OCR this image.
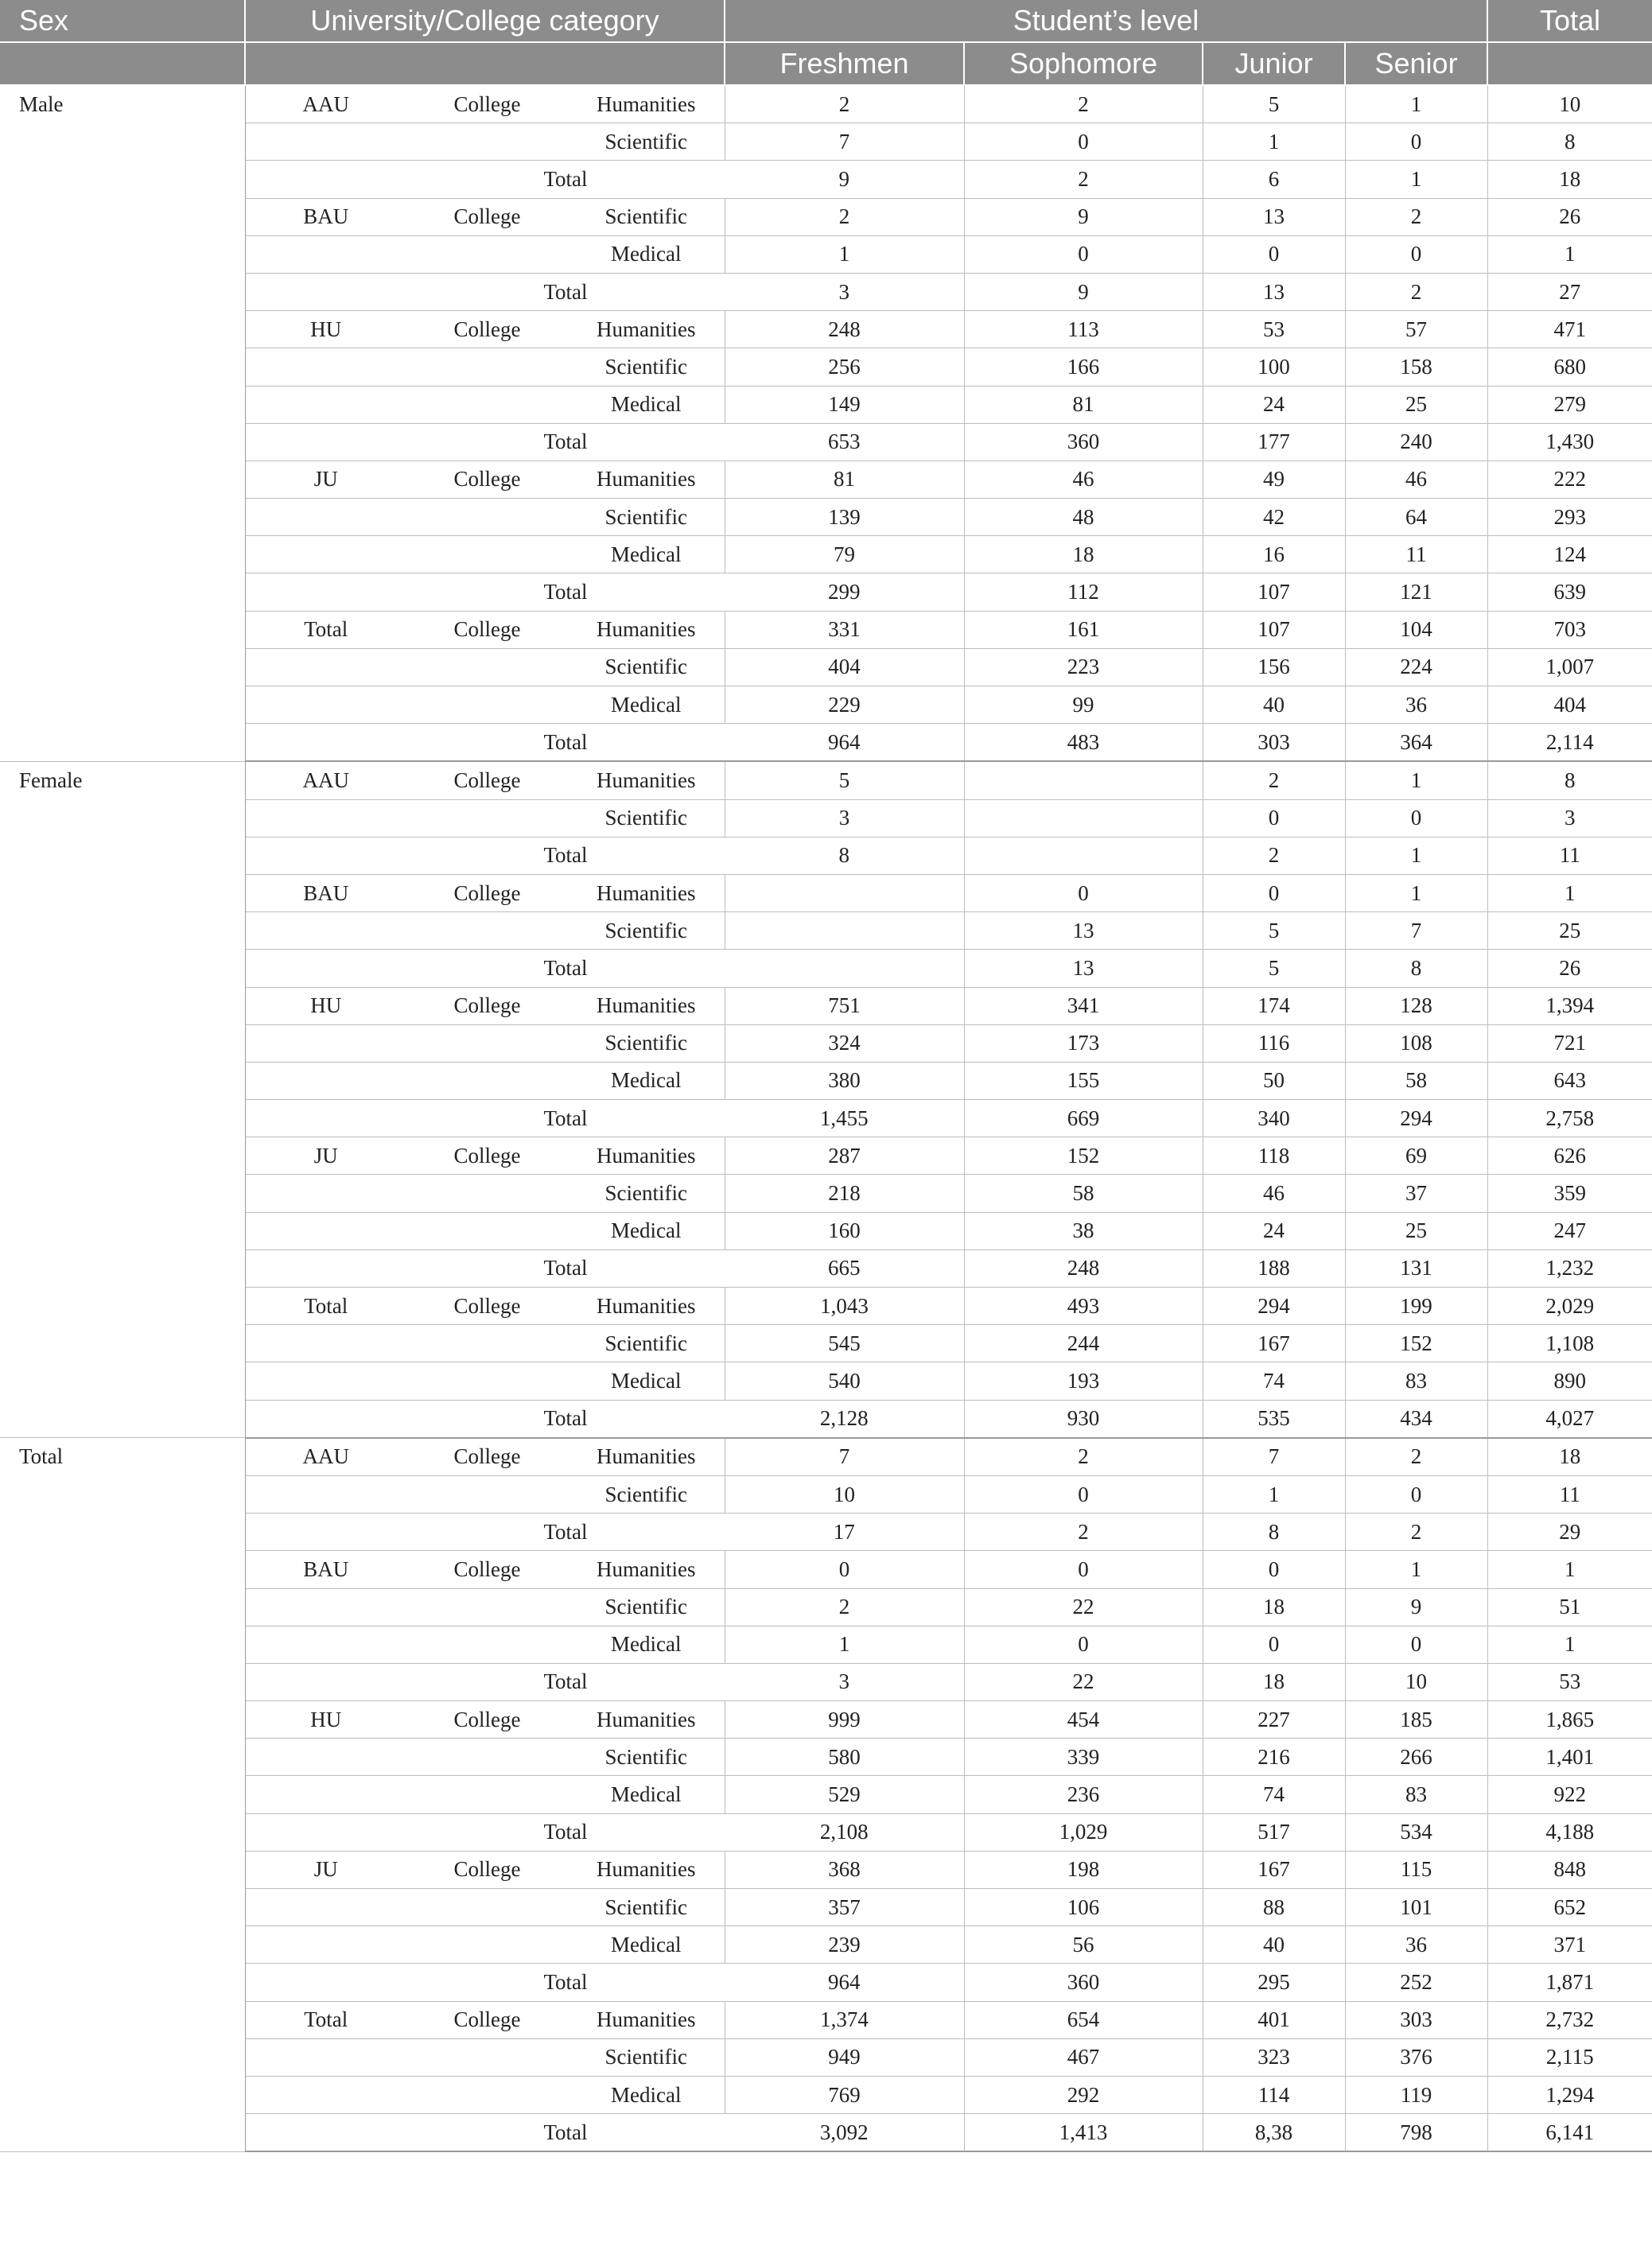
Sex	University/College category			Student’s level				Total
				Freshmen	Sophomore	Junior	Senior	
Male	AAU	College	Humanities	2	2	5	1	10
			Scientific	7	0	1	0	8
		Total		9	2	6	1	18
	BAU	College	Scientific	2	9	13	2	26
			Medical	1	0	0	0	1
		Total		3	9	13	2	27
	HU	College	Humanities	248	113	53	57	471
			Scientific	256	166	100	158	680
			Medical	149	81	24	25	279
		Total		653	360	177	240	1,430
	JU	College	Humanities	81	46	49	46	222
			Scientific	139	48	42	64	293
			Medical	79	18	16	11	124
		Total		299	112	107	121	639
	Total	College	Humanities	331	161	107	104	703
			Scientific	404	223	156	224	1,007
			Medical	229	99	40	36	404
		Total		964	483	303	364	2,114
Female	AAU	College	Humanities	5		2	1	8
			Scientific	3		0	0	3
		Total		8		2	1	11
	BAU	College	Humanities		0	0	1	1
			Scientific		13	5	7	25
		Total			13	5	8	26
	HU	College	Humanities	751	341	174	128	1,394
			Scientific	324	173	116	108	721
			Medical	380	155	50	58	643
		Total		1,455	669	340	294	2,758
	JU	College	Humanities	287	152	118	69	626
			Scientific	218	58	46	37	359
			Medical	160	38	24	25	247
		Total		665	248	188	131	1,232
	Total	College	Humanities	1,043	493	294	199	2,029
			Scientific	545	244	167	152	1,108
			Medical	540	193	74	83	890
		Total		2,128	930	535	434	4,027
Total	AAU	College	Humanities	7	2	7	2	18
			Scientific	10	0	1	0	11
		Total		17	2	8	2	29
	BAU	College	Humanities	0	0	0	1	1
			Scientific	2	22	18	9	51
			Medical	1	0	0	0	1
		Total		3	22	18	10	53
	HU	College	Humanities	999	454	227	185	1,865
			Scientific	580	339	216	266	1,401
			Medical	529	236	74	83	922
		Total		2,108	1,029	517	534	4,188
	JU	College	Humanities	368	198	167	115	848
			Scientific	357	106	88	101	652
			Medical	239	56	40	36	371
		Total		964	360	295	252	1,871
	Total	College	Humanities	1,374	654	401	303	2,732
			Scientific	949	467	323	376	2,115
			Medical	769	292	114	119	1,294
		Total		3,092	1,413	8,38	798	6,141
